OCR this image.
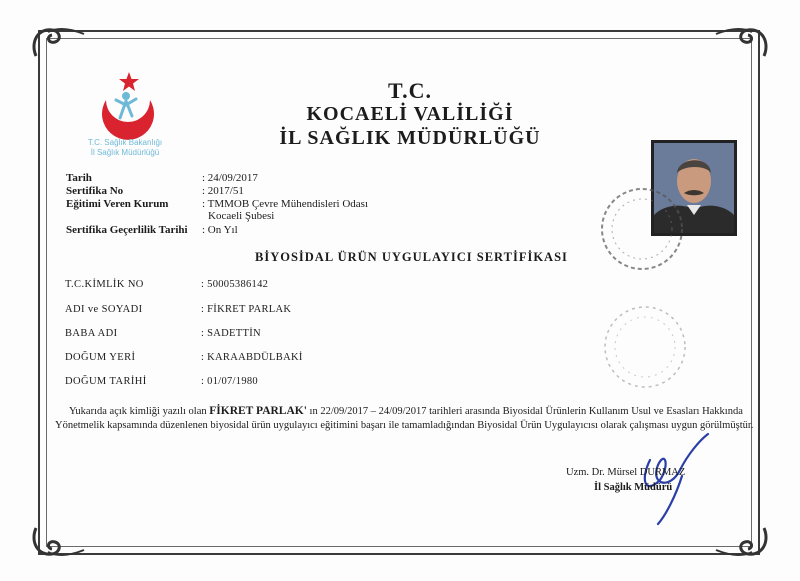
T.C. Sağlık Bakanlığı
İl Sağlık Müdürlüğü
T.C.
KOCAELİ VALİLİĞİ
İL SAĞLIK MÜDÜRLÜĞÜ
Tarih	: 24/09/2017
Sertifika No	: 2017/51
Eğitimi Veren Kurum	: TMMOB Çevre Mühendisleri Odası
Kocaeli Şubesi
Sertifika Geçerlilik Tarihi	: On Yıl
BİYOSİDAL ÜRÜN UYGULAYICI SERTİFİKASI
T.C.KİMLİK NO	: 50005386142
ADI ve SOYADI	: FİKRET PARLAK
BABA ADI	: SADETTİN
DOĞUM YERİ	: KARAABDÜLBAKİ
DOĞUM TARİHİ	: 01/07/1980
Yukarıda açık kimliği yazılı olan FİKRET PARLAK' ın 22/09/2017 – 24/09/2017 tarihleri arasında Biyosidal Ürünlerin Kullanım Usul ve Esasları Hakkında Yönetmelik kapsamında düzenlenen biyosidal ürün uygulayıcı eğitimini başarı ile tamamladığından Biyosidal Ürün Uygulayıcısı olarak çalışması uygun görülmüştür.
Uzm. Dr. Mürsel DURMAZ
İl Sağlık Müdürü
